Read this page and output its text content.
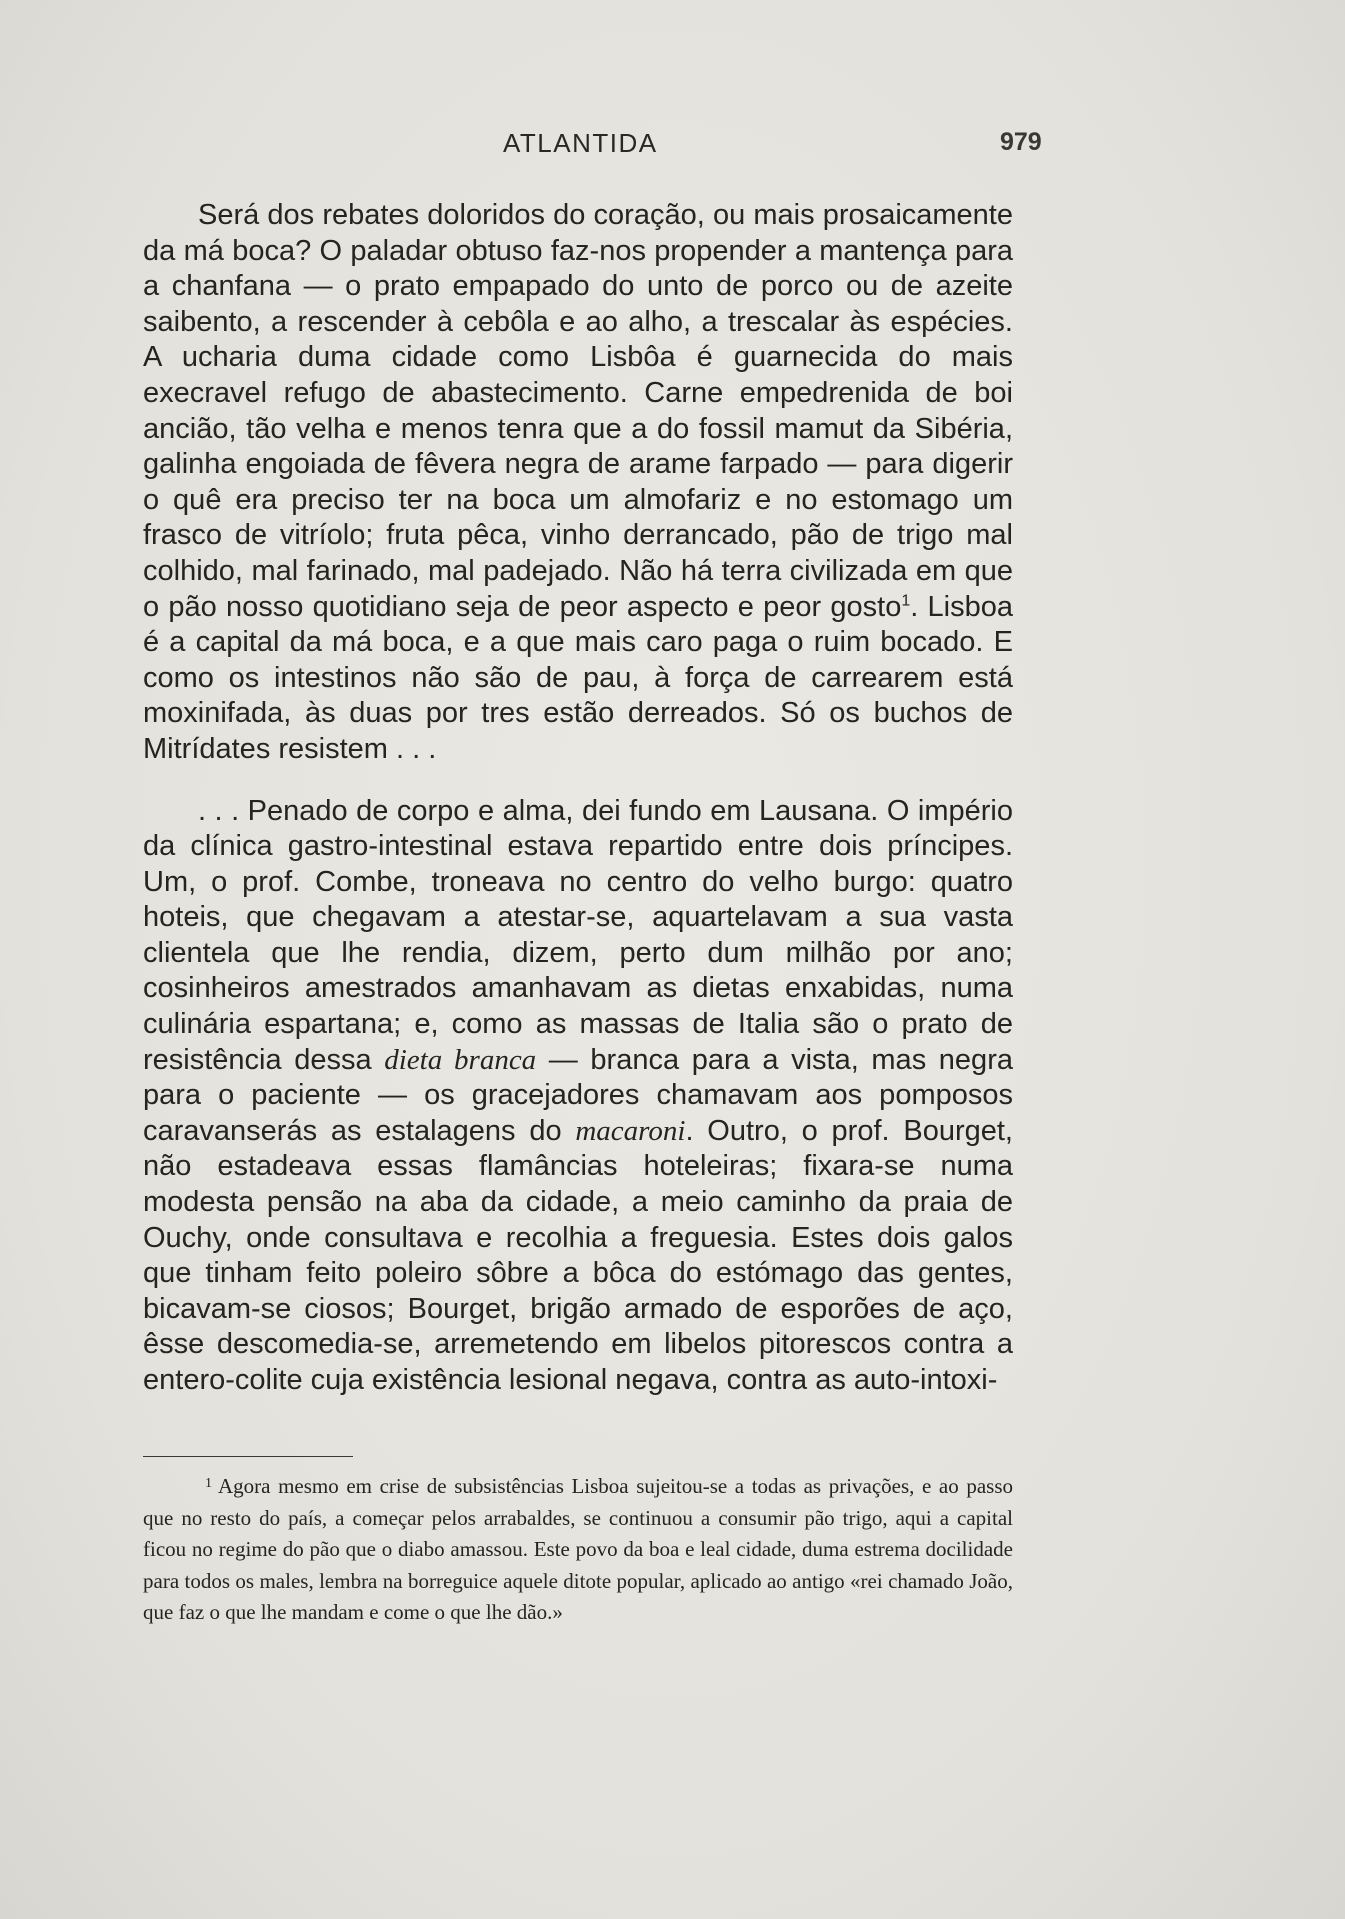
ATLANTIDA	979

Será dos rebates doloridos do coração, ou mais prosaicamente da má boca? O paladar obtuso faz-nos propender a mantença para a chanfana — o prato empapado do unto de porco ou de azeite saibento, a rescender à cebôla e ao alho, a trescalar às espécies. A ucharia duma cidade como Lisbôa é guarnecida do mais execravel refugo de abastecimento. Carne empedrenida de boi ancião, tão velha e menos tenra que a do fossil mamut da Sibéria, galinha engoiada de fêvera negra de arame farpado — para digerir o quê era preciso ter na boca um almofariz e no estomago um frasco de vitríolo; fruta pêca, vinho derrancado, pão de trigo mal colhido, mal farinado, mal padejado. Não há terra civilizada em que o pão nosso quotidiano seja de peor aspecto e peor gosto$^1$. Lisboa é a capital da má boca, e a que mais caro paga o ruim bocado. E como os intestinos não são de pau, à força de carrearem está moxinifada, às duas por tres estão derreados. Só os buchos de Mitrídates resistem . . .

. . . Penado de corpo e alma, dei fundo em Lausana. O império da clínica gastro-intestinal estava repartido entre dois príncipes. Um, o prof. Combe, troneava no centro do velho burgo: quatro hoteis, que chegavam a atestar-se, aquartelavam a sua vasta clientela que lhe rendia, dizem, perto dum milhão por ano; cosinheiros amestrados amanhavam as dietas enxabidas, numa culinária espartana; e, como as massas de Italia são o prato de resistência dessa dieta branca — branca para a vista, mas negra para o paciente — os gracejadores chamavam aos pomposos caravanserás as estalagens do macaroni. Outro, o prof. Bourget, não estadeava essas flamâncias hoteleiras; fixara-se numa modesta pensão na aba da cidade, a meio caminho da praia de Ouchy, onde consultava e recolhia a freguesia. Estes dois galos que tinham feito poleiro sôbre a bôca do estómago das gentes, bicavam-se ciosos; Bourget, brigão armado de esporões de aço, êsse descomedia-se, arremetendo em libelos pitorescos contra a entero-colite cuja existência lesional negava, contra as auto-intoxi-

$^1$ Agora mesmo em crise de subsistências Lisboa sujeitou-se a todas as privações, e ao passo que no resto do país, a começar pelos arrabaldes, se continuou a consumir pão trigo, aqui a capital ficou no regime do pão que o diabo amassou. Este povo da boa e leal cidade, duma estrema docilidade para todos os males, lembra na borreguice aquele ditote popular, aplicado ao antigo «rei chamado João, que faz o que lhe mandam e come o que lhe dão.»
